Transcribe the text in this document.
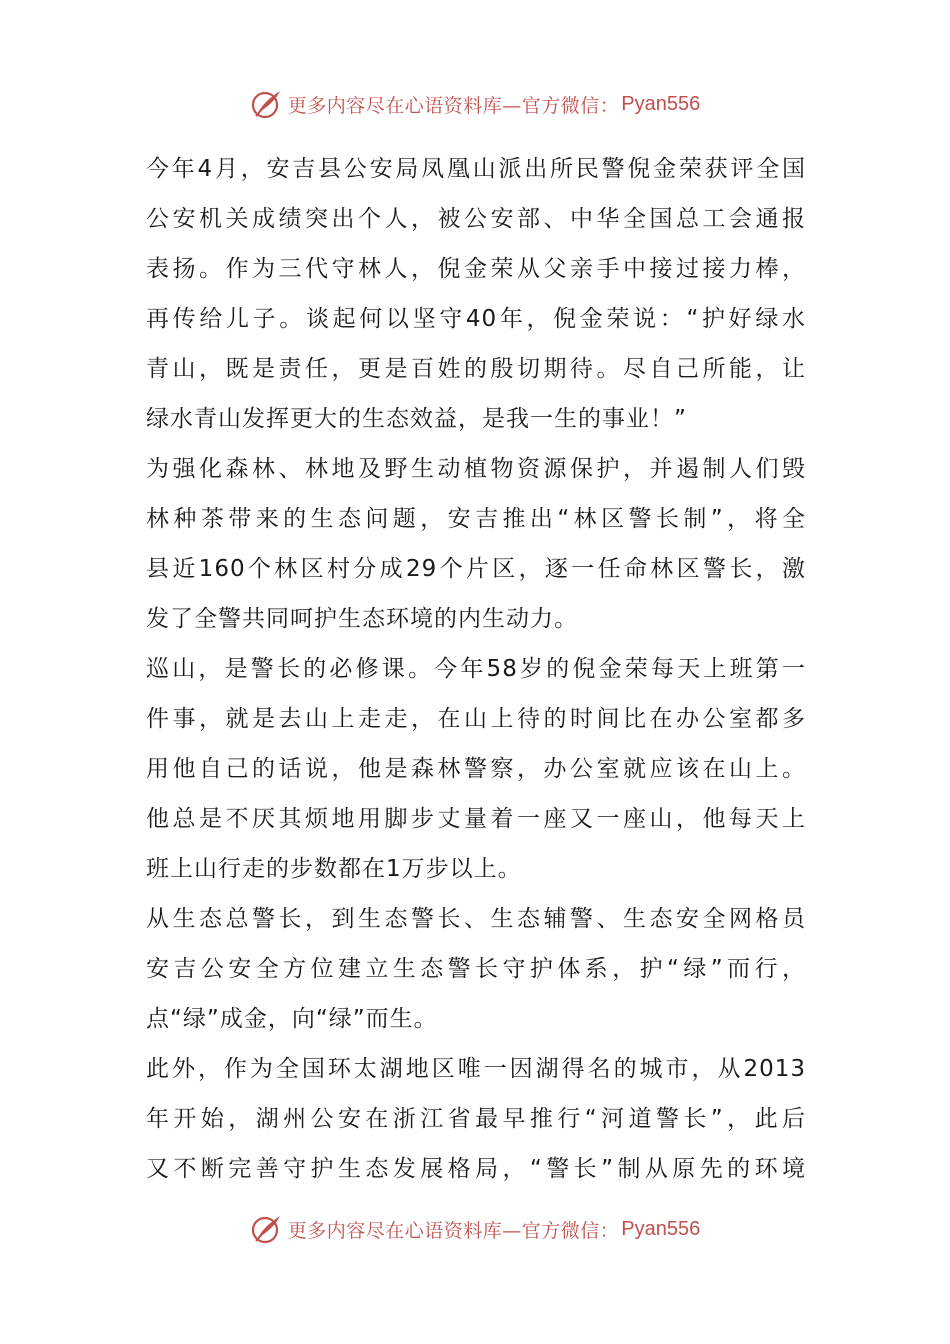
更多内容尽在心语资料库—官方微信： Pyan556
今年4月，安吉县公安局凤凰山派出所民警倪金荣获评全国
公安机关成绩突出个人，被公安部、中华全国总工会通报
表扬。作为三代守林人，倪金荣从父亲手中接过接力棒，
再传给儿子。谈起何以坚守40年，倪金荣说：“护好绿水
青山，既是责任，更是百姓的殷切期待。尽自己所能，让
绿水青山发挥更大的生态效益，是我一生的事业！”
为强化森林、林地及野生动植物资源保护，并遏制人们毁
林种茶带来的生态问题，安吉推出“林区警长制”，将全
县近160个林区村分成29个片区，逐一任命林区警长，激
发了全警共同呵护生态环境的内生动力。
巡山，是警长的必修课。今年58岁的倪金荣每天上班第一
件事，就是去山上走走，在山上待的时间比在办公室都多
用他自己的话说，他是森林警察，办公室就应该在山上。
他总是不厌其烦地用脚步丈量着一座又一座山，他每天上
班上山行走的步数都在1万步以上。
从生态总警长，到生态警长、生态辅警、生态安全网格员
安吉公安全方位建立生态警长守护体系，护“绿”而行，
点“绿”成金，向“绿”而生。
此外，作为全国环太湖地区唯一因湖得名的城市，从2013
年开始，湖州公安在浙江省最早推行“河道警长”，此后
又不断完善守护生态发展格局，“警长”制从原先的环境
更多内容尽在心语资料库—官方微信： Pyan556
